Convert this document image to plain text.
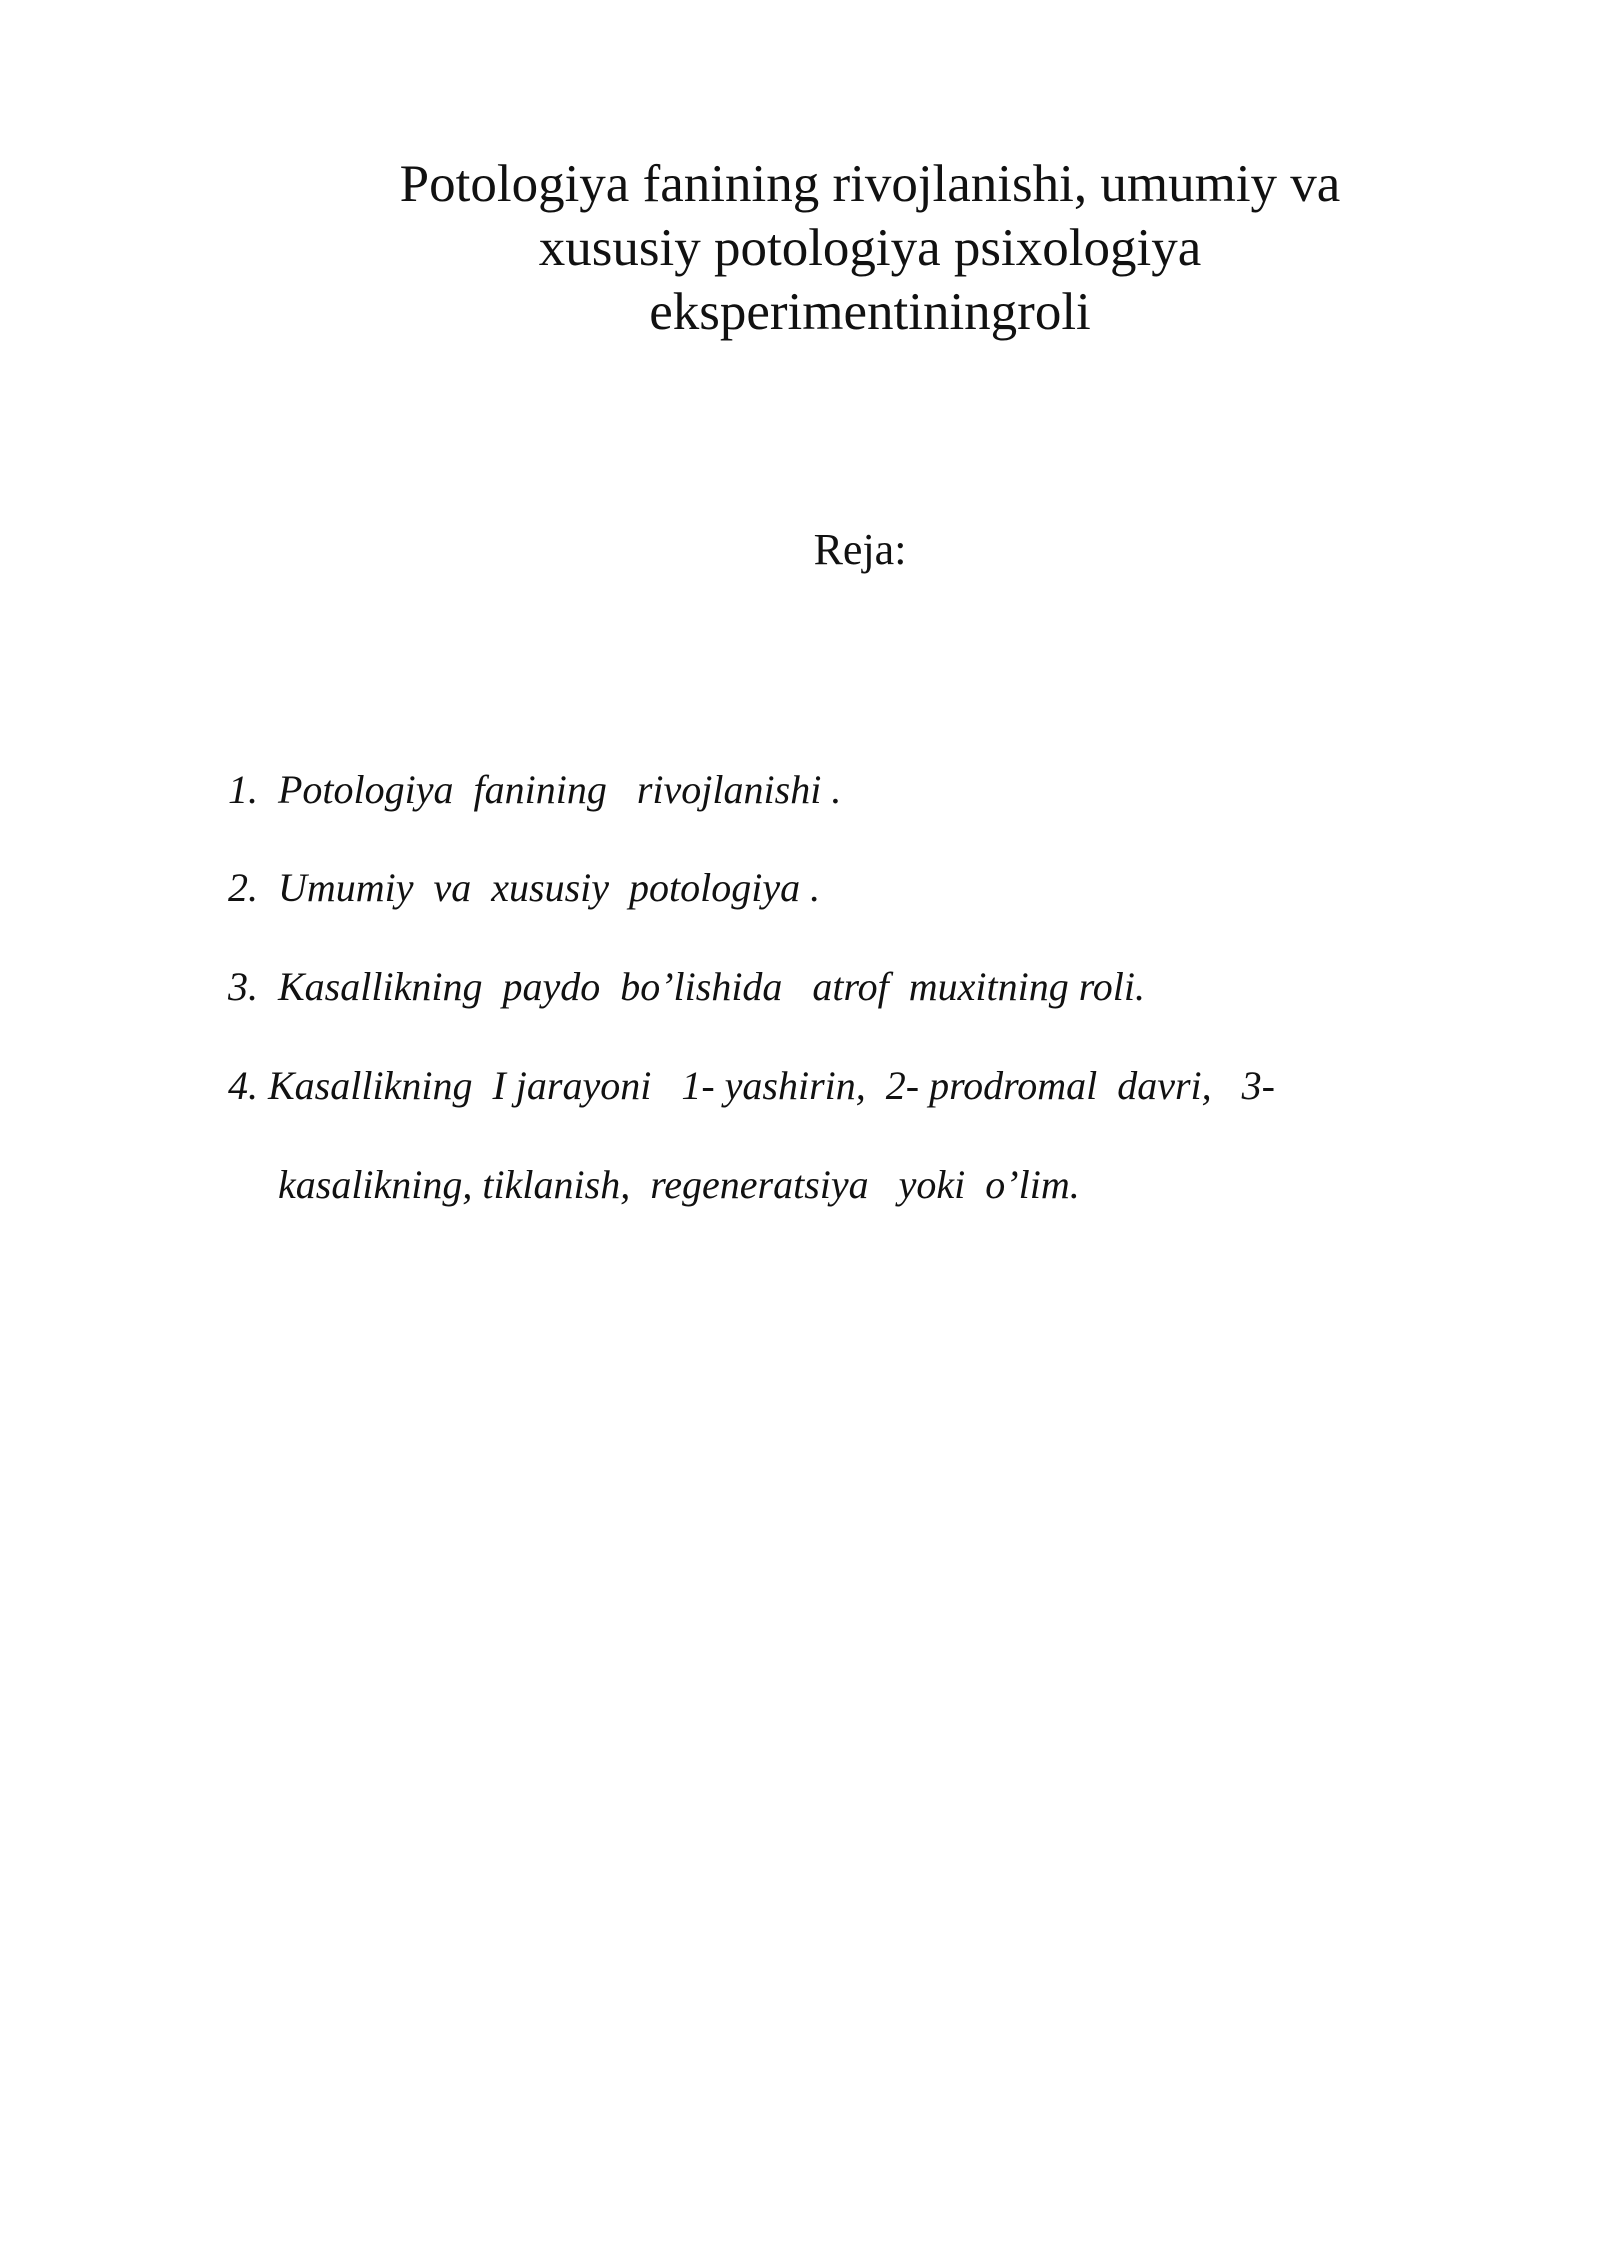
Potologiya fanining rivojlanishi, umumiy va
xususiy potologiya psixologiya
eksperimentiningroli

Reja:

1. Potologiya  fanining   rivojlanishi .
2. Umumiy  va  xususiy  potologiya .
3. Kasallikning  paydo  bo’lishida   atrof  muxitning roli.
4. Kasallikning  I jarayoni   1- yashirin,  2- prodromal  davri,   3-
kasalikning, tiklanish,  regeneratsiya   yoki  o’lim.
